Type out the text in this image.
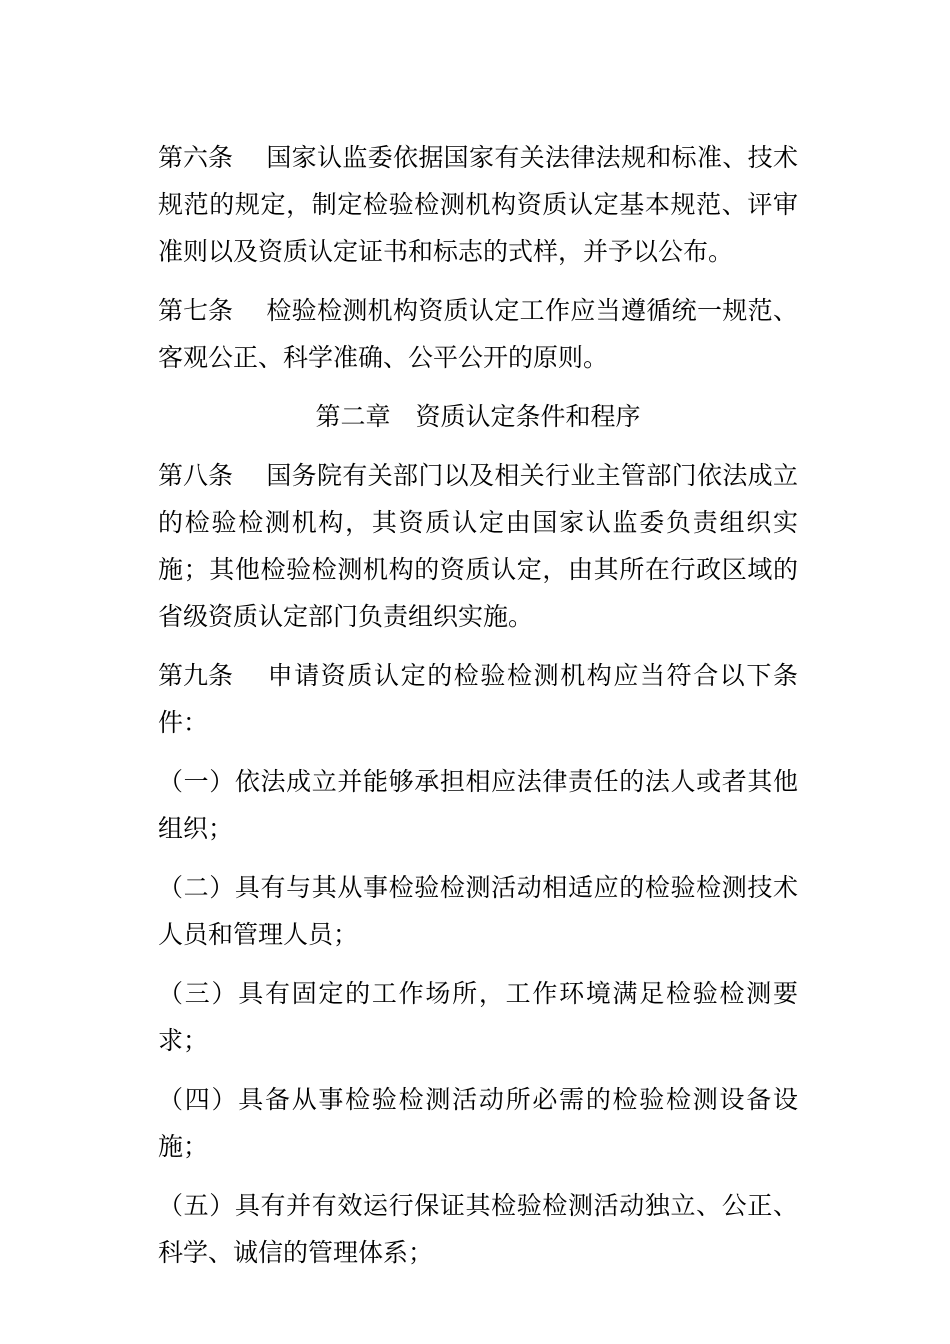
第六条 国家认监委依据国家有关法律法规和标准、技术规范的规定，制定检验检测机构资质认定基本规范、评审准则以及资质认定证书和标志的式样，并予以公布。

第七条 检验检测机构资质认定工作应当遵循统一规范、客观公正、科学准确、公平公开的原则。

第二章 资质认定条件和程序

第八条 国务院有关部门以及相关行业主管部门依法成立的检验检测机构，其资质认定由国家认监委负责组织实施；其他检验检测机构的资质认定，由其所在行政区域的省级资质认定部门负责组织实施。

第九条 申请资质认定的检验检测机构应当符合以下条件：

（一）依法成立并能够承担相应法律责任的法人或者其他组织；

（二）具有与其从事检验检测活动相适应的检验检测技术人员和管理人员；

（三）具有固定的工作场所，工作环境满足检验检测要求；

（四）具备从事检验检测活动所必需的检验检测设备设施；

（五）具有并有效运行保证其检验检测活动独立、公正、科学、诚信的管理体系；
